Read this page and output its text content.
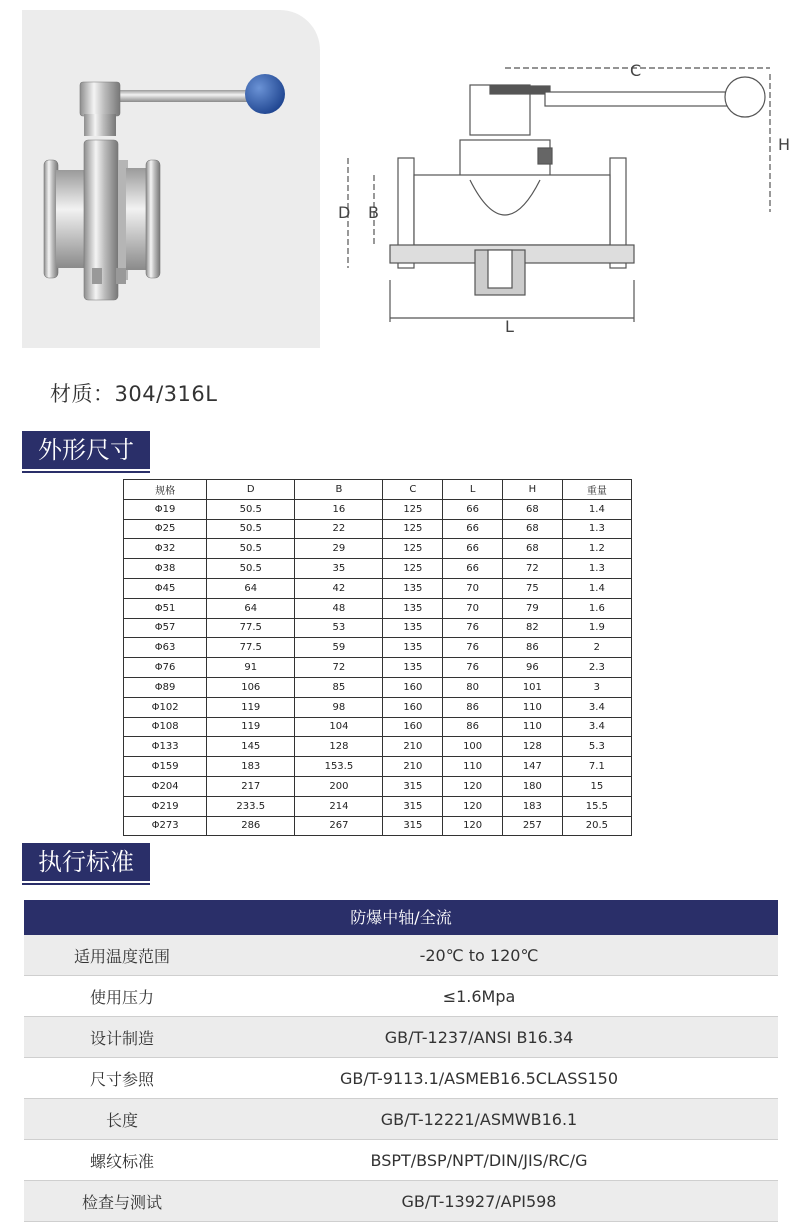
C
H
D B
L
材质：304/316L
外形尺寸
规格	D	B	C	L	H	重量
Φ19	50.5	16	125	66	68	1.4
Φ25	50.5	22	125	66	68	1.3
Φ32	50.5	29	125	66	68	1.2
Φ38	50.5	35	125	66	72	1.3
Φ45	64	42	135	70	75	1.4
Φ51	64	48	135	70	79	1.6
Φ57	77.5	53	135	76	82	1.9
Φ63	77.5	59	135	76	86	2
Φ76	91	72	135	76	96	2.3
Φ89	106	85	160	80	101	3
Φ102	119	98	160	86	110	3.4
Φ108	119	104	160	86	110	3.4
Φ133	145	128	210	100	128	5.3
Φ159	183	153.5	210	110	147	7.1
Φ204	217	200	315	120	180	15
Φ219	233.5	214	315	120	183	15.5
Φ273	286	267	315	120	257	20.5
执行标准
防爆中轴/全流
适用温度范围	-20℃ to 120℃
使用压力	≤1.6Mpa
设计制造	GB/T-1237/ANSI B16.34
尺寸参照	GB/T-9113.1/ASMEB16.5CLASS150
长度	GB/T-12221/ASMWB16.1
螺纹标准	BSPT/BSP/NPT/DIN/JIS/RC/G
检查与测试	GB/T-13927/API598
